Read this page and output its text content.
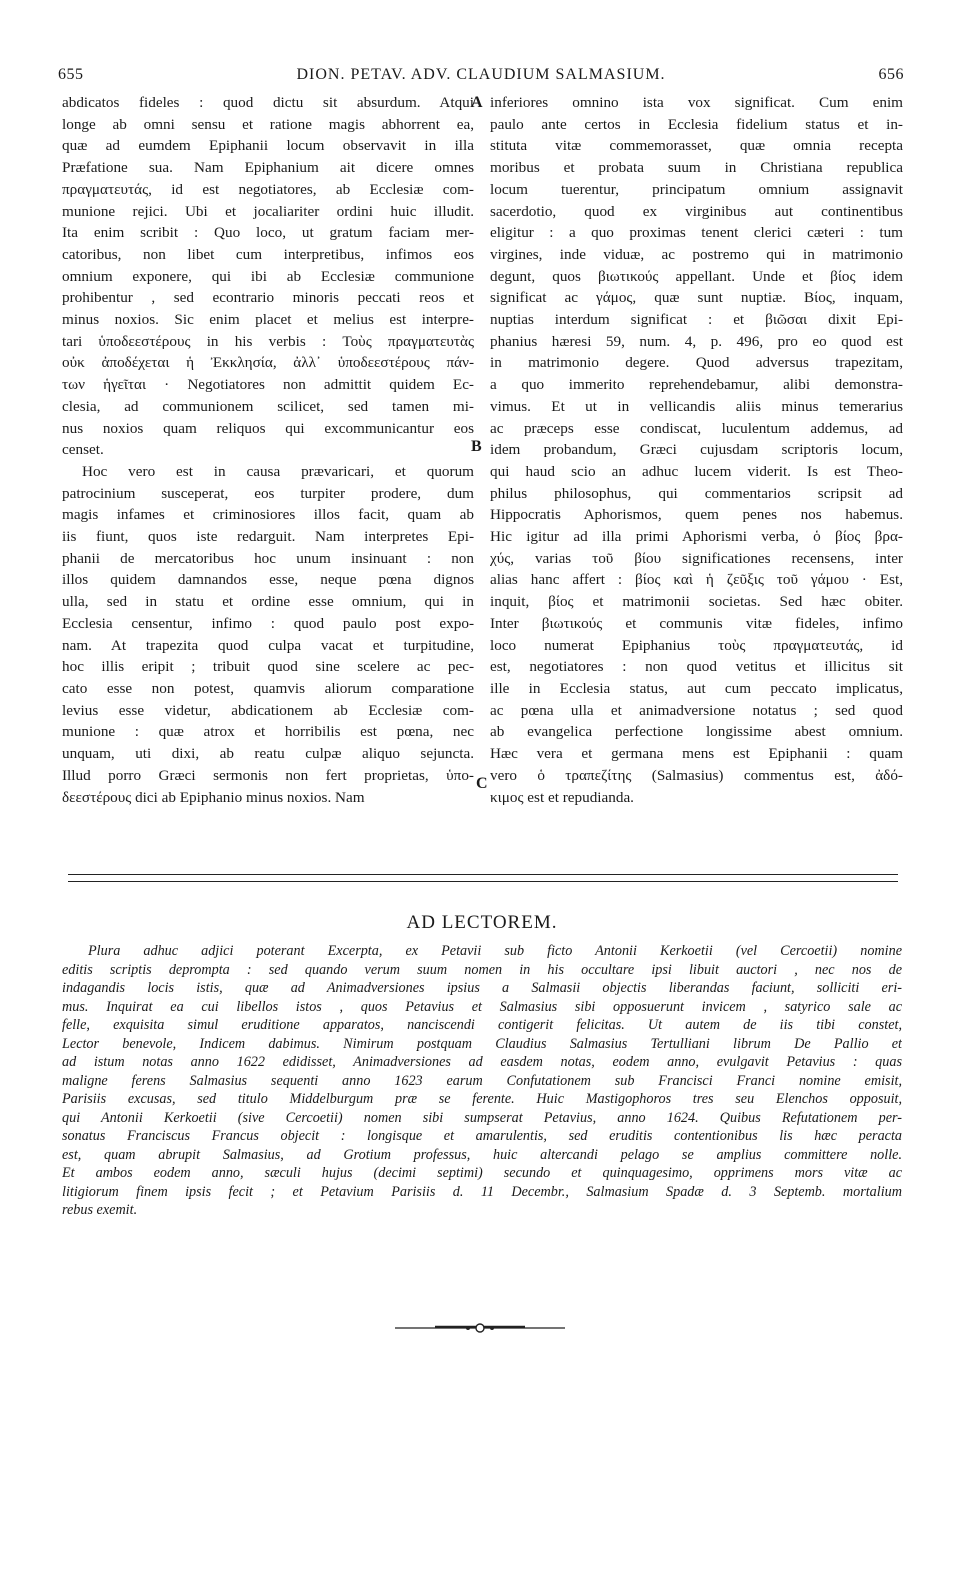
655	DION. PETAV. ADV. CLAUDIUM SALMASIUM.	656
abdicatos fideles : quod dictu sit absurdum. Atqui
longe ab omni sensu et ratione magis abhorrent ea,
quæ ad eumdem Epiphanii locum observavit in illa
Præfatione sua. Nam Epiphanium ait dicere omnes
πραγματευτάς, id est negotiatores, ab Ecclesiæ com-
munione rejici. Ubi et jocaliariter ordini huic illudit.
Ita enim scribit : Quo loco, ut gratum faciam mer-
catoribus, non libet cum interpretibus, infimos eos
omnium exponere, qui ibi ab Ecclesiæ communione
prohibentur , sed econtrario minoris peccati reos et
minus noxios. Sic enim placet et melius est interpre-
tari ὑποδεεστέρους in his verbis : Τοὺς πραγματευτὰς
οὐκ ἀποδέχεται ἡ Ἐκκλησία, ἀλλ᾽ ὑποδεεστέρους πάν-
των ἡγεῖται · Negotiatores non admittit quidem Ec-
clesia, ad communionem scilicet, sed tamen mi-
nus noxios quam reliquos qui excommunicantur eos
censet.
Hoc vero est in causa prævaricari, et quorum
patrocinium susceperat, eos turpiter prodere, dum
magis infames et criminosiores illos facit, quam ab
iis fiunt, quos iste redarguit. Nam interpretes Epi-
phanii de mercatoribus hoc unum insinuant : non
illos quidem damnandos esse, neque pœna dignos
ulla, sed in statu et ordine esse omnium, qui in
Ecclesia censentur, infimo : quod paulo post expo-
nam. At trapezita quod culpa vacat et turpitudine,
hoc illis eripit ; tribuit quod sine scelere ac pec-
cato esse non potest, quamvis aliorum comparatione
levius esse videtur, abdicationem ab Ecclesiæ com-
munione : quæ atrox et horribilis est pœna, nec
unquam, uti dixi, ab reatu culpæ aliquo sejuncta.
Illud porro Græci sermonis non fert proprietas, ὑπο-
δεεστέρους dici ab Epiphanio minus noxios. Nam
inferiores omnino ista vox significat. Cum enim
paulo ante certos in Ecclesia fidelium status et in-
stituta vitæ commemorasset, quæ omnia recepta
moribus et probata suum in Christiana republica
locum tuerentur, principatum omnium assignavit
sacerdotio, quod ex virginibus aut continentibus
eligitur : a quo proximas tenent clerici cæteri : tum
virgines, inde viduæ, ac postremo qui in matrimonio
degunt, quos βιωτικούς appellant. Unde et βίος idem
significat ac γάμος, quæ sunt nuptiæ. Βίος, inquam,
nuptias interdum significat : et βιῶσαι dixit Epi-
phanius hæresi 59, num. 4, p. 496, pro eo quod est
in matrimonio degere. Quod adversus trapezitam,
a quo immerito reprehendebamur, alibi demonstra-
vimus. Et ut in vellicandis aliis minus temerarius
ac præceps esse condiscat, luculentum addemus, ad
idem probandum, Græci cujusdam scriptoris locum,
qui haud scio an adhuc lucem viderit. Is est Theo-
philus philosophus, qui commentarios scripsit ad
Hippocratis Aphorismos, quem penes nos habemus.
Hic igitur ad illa primi Aphorismi verba, ὁ βίος βρα-
χύς, varias τοῦ βίου significationes recensens, inter
alias hanc affert : βίος καὶ ἡ ζεῦξις τοῦ γάμου · Est,
inquit, βίος et matrimonii societas. Sed hæc obiter.
Inter βιωτικούς et communis vitæ fideles, infimo
loco numerat Epiphanius τοὺς πραγματευτάς, id
est, negotiatores : non quod vetitus et illicitus sit
ille in Ecclesia status, aut cum peccato implicatus,
ac pœna ulla et animadversione notatus ; sed quod
ab evangelica perfectione longissime abest omnium.
Hæc vera et germana mens est Epiphanii : quam
vero ὁ τραπεζίτης (Salmasius) commentus est, ἀδό-
κιμος est et repudianda.
A
B
C
AD LECTOREM.
Plura adhuc adjici poterant Excerpta, ex Petavii sub ficto Antonii Kerkoetii (vel Cercoetii) nomine
editis scriptis deprompta : sed quando verum suum nomen in his occultare ipsi libuit auctori , nec nos de
indagandis locis istis, quæ ad Animadversiones ipsius a Salmasii objectis liberandas faciunt, solliciti eri-
mus. Inquirat ea cui libellos istos , quos Petavius et Salmasius sibi opposuerunt invicem , satyrico sale ac
felle, exquisita simul eruditione apparatos, nanciscendi contigerit felicitas. Ut autem de iis tibi constet,
Lector benevole, Indicem dabimus. Nimirum postquam Claudius Salmasius Tertulliani librum De Pallio et
ad istum notas anno 1622 edidisset, Animadversiones ad easdem notas, eodem anno, evulgavit Petavius : quas
maligne ferens Salmasius sequenti anno 1623 earum Confutationem sub Francisci Franci nomine emisit,
Parisiis excusas, sed titulo Middelburgum præ se ferente. Huic Mastigophoros tres seu Elenchos opposuit,
qui Antonii Kerkoetii (sive Cercoetii) nomen sibi sumpserat Petavius, anno 1624. Quibus Refutationem per-
sonatus Franciscus Francus objecit : longisque et amarulentis, sed eruditis contentionibus lis hæc peracta
est, quam abrupit Salmasius, ad Grotium professus, huic altercandi pelago se amplius committere nolle.
Et ambos eodem anno, sæculi hujus (decimi septimi) secundo et quinquagesimo, opprimens mors vitæ ac
litigiorum finem ipsis fecit ; et Petavium Parisiis d. 11 Decembr., Salmasium Spadæ d. 3 Septemb. mortalium
rebus exemit.
